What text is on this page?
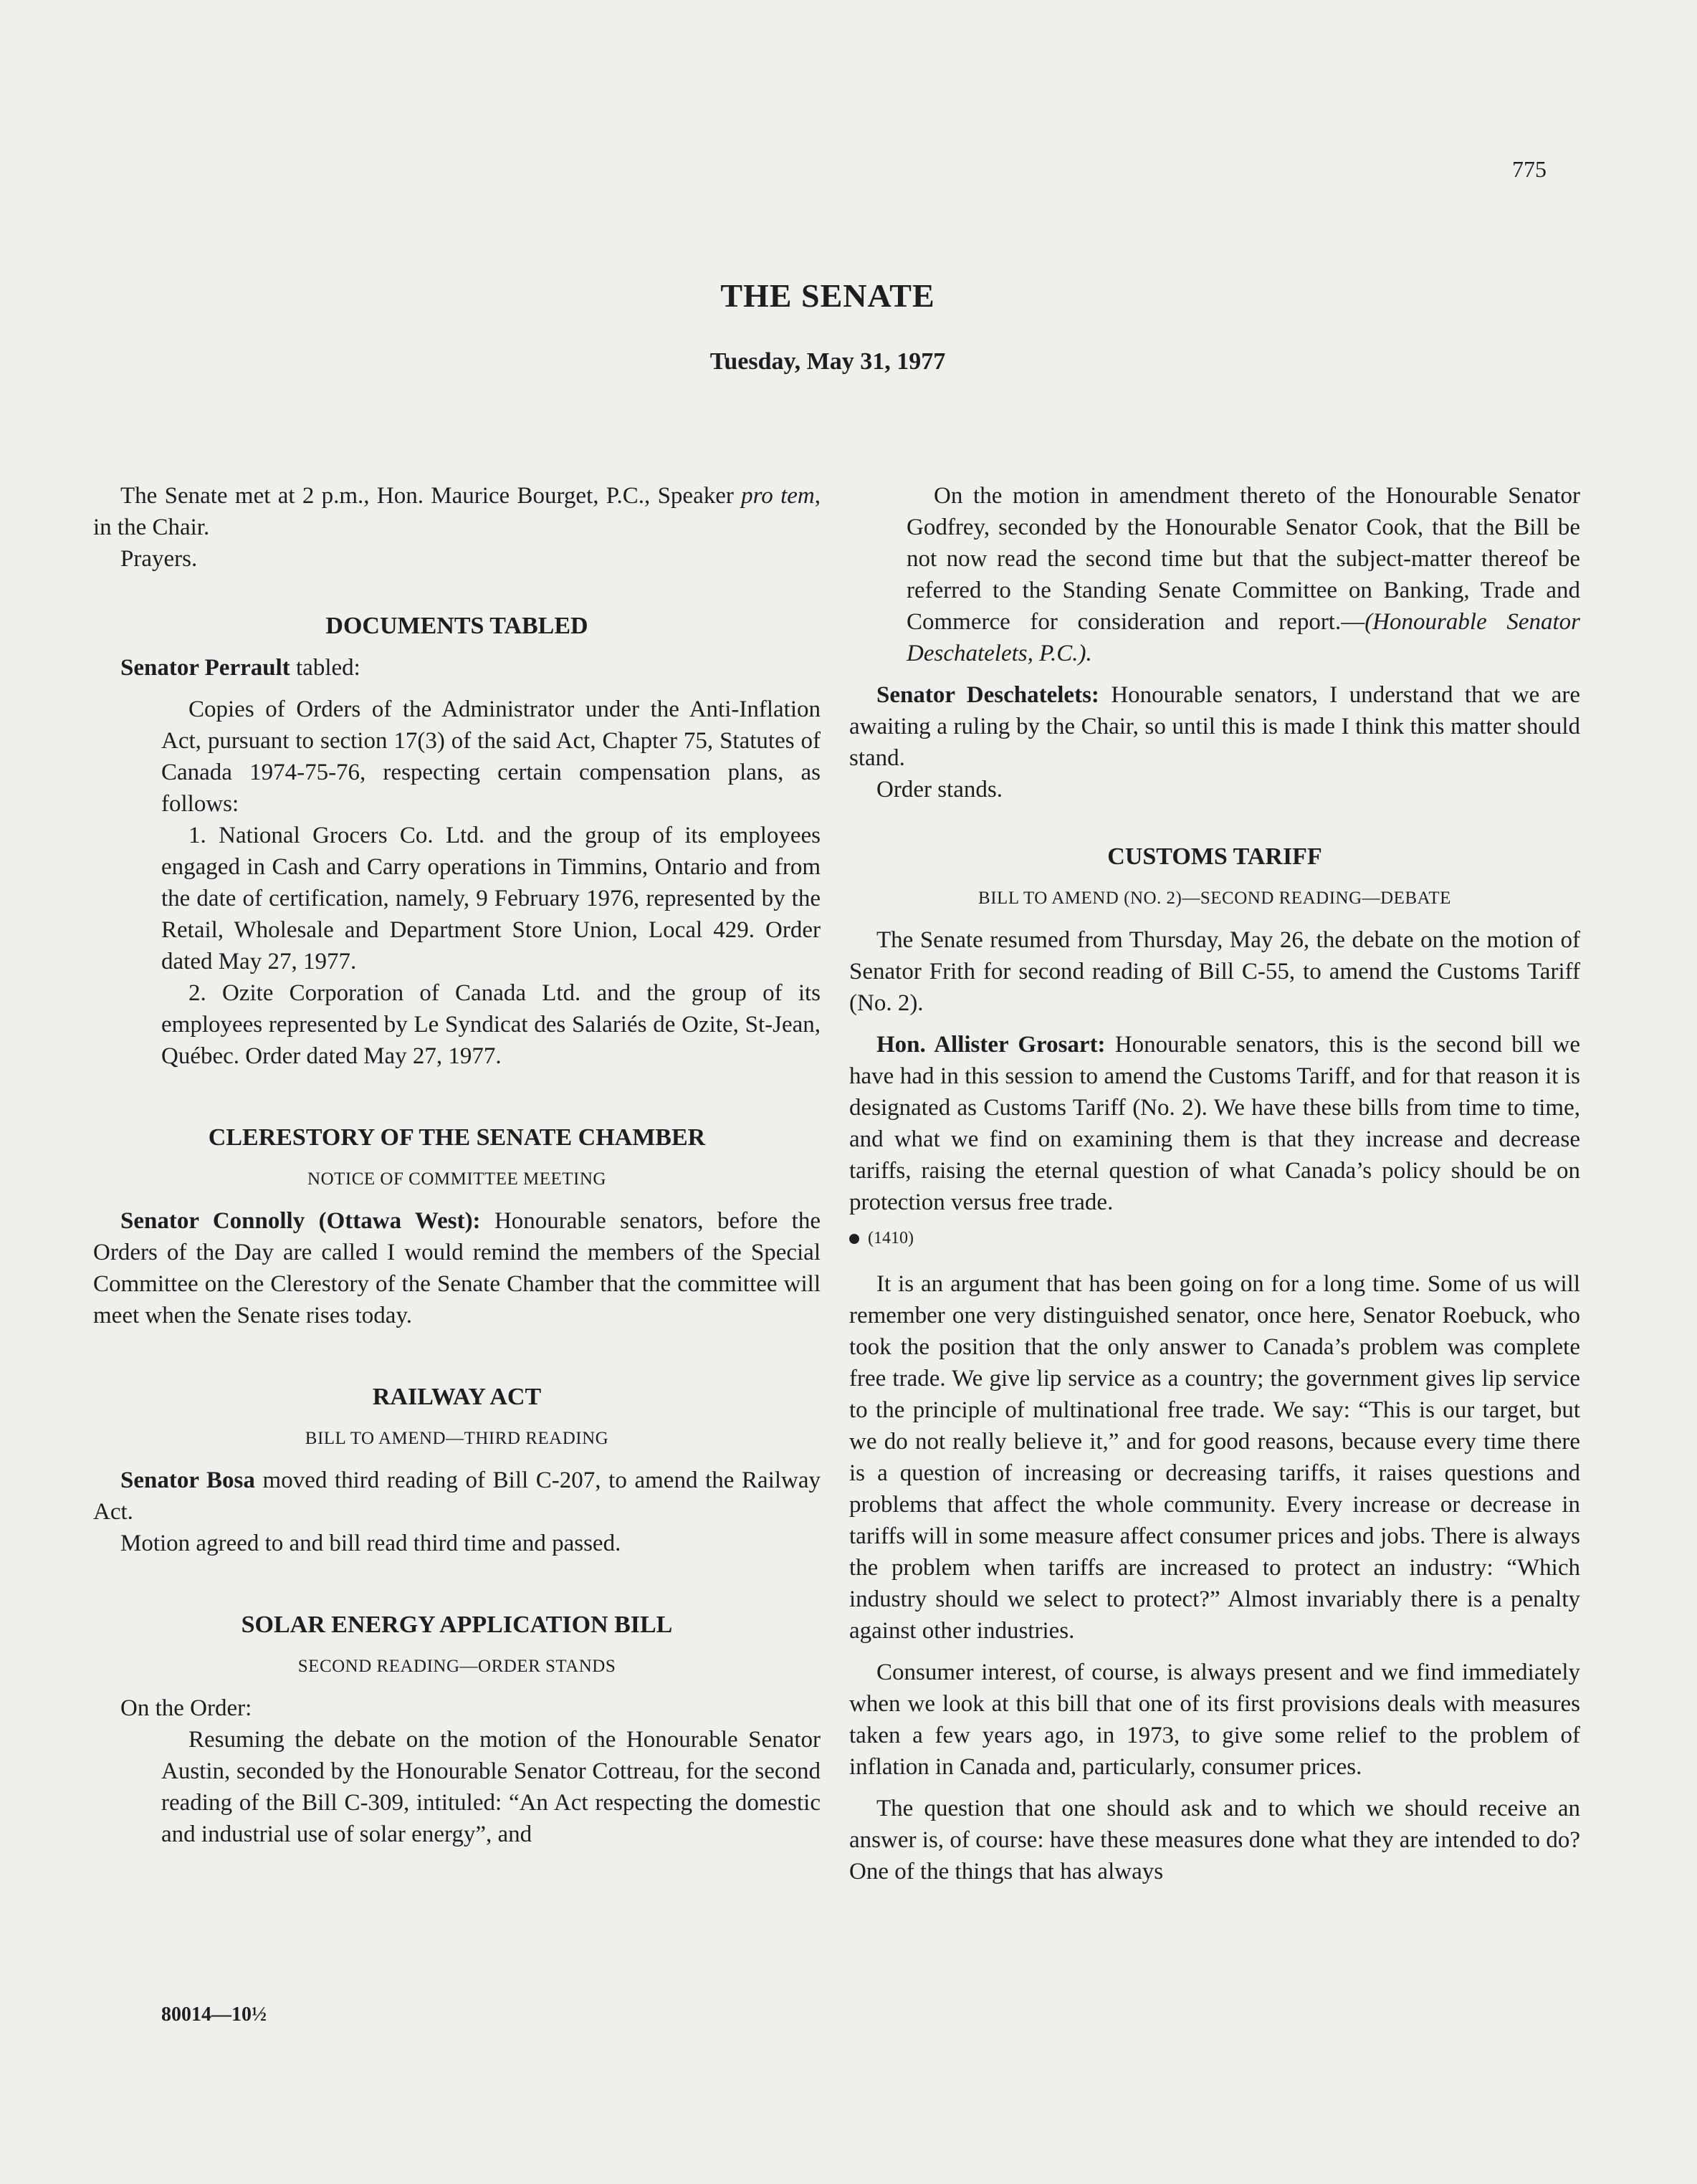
775
THE SENATE
Tuesday, May 31, 1977

The Senate met at 2 p.m., Hon. Maurice Bourget, P.C., Speaker pro tem, in the Chair.

Prayers.

DOCUMENTS TABLED

Senator Perrault tabled:

Copies of Orders of the Administrator under the Anti-Inflation Act, pursuant to section 17(3) of the said Act, Chapter 75, Statutes of Canada 1974-75-76, respecting certain compensation plans, as follows:

1. National Grocers Co. Ltd. and the group of its employees engaged in Cash and Carry operations in Timmins, Ontario and from the date of certification, namely, 9 February 1976, represented by the Retail, Wholesale and Department Store Union, Local 429. Order dated May 27, 1977.

2. Ozite Corporation of Canada Ltd. and the group of its employees represented by Le Syndicat des Salariés de Ozite, St-Jean, Québec. Order dated May 27, 1977.

CLERESTORY OF THE SENATE CHAMBER

NOTICE OF COMMITTEE MEETING

Senator Connolly (Ottawa West): Honourable senators, before the Orders of the Day are called I would remind the members of the Special Committee on the Clerestory of the Senate Chamber that the committee will meet when the Senate rises today.

RAILWAY ACT

BILL TO AMEND—THIRD READING

Senator Bosa moved third reading of Bill C-207, to amend the Railway Act.

Motion agreed to and bill read third time and passed.

SOLAR ENERGY APPLICATION BILL

SECOND READING—ORDER STANDS

On the Order:

Resuming the debate on the motion of the Honourable Senator Austin, seconded by the Honourable Senator Cottreau, for the second reading of the Bill C-309, intituled: “An Act respecting the domestic and industrial use of solar energy”, and

On the motion in amendment thereto of the Honourable Senator Godfrey, seconded by the Honourable Senator Cook, that the Bill be not now read the second time but that the subject-matter thereof be referred to the Standing Senate Committee on Banking, Trade and Commerce for consideration and report.—(Honourable Senator Deschatelets, P.C.).

Senator Deschatelets: Honourable senators, I understand that we are awaiting a ruling by the Chair, so until this is made I think this matter should stand.

Order stands.

CUSTOMS TARIFF

BILL TO AMEND (NO. 2)—SECOND READING—DEBATE

The Senate resumed from Thursday, May 26, the debate on the motion of Senator Frith for second reading of Bill C-55, to amend the Customs Tariff (No. 2).

Hon. Allister Grosart: Honourable senators, this is the second bill we have had in this session to amend the Customs Tariff, and for that reason it is designated as Customs Tariff (No. 2). We have these bills from time to time, and what we find on examining them is that they increase and decrease tariffs, raising the eternal question of what Canada’s policy should be on protection versus free trade.

(1410)

It is an argument that has been going on for a long time. Some of us will remember one very distinguished senator, once here, Senator Roebuck, who took the position that the only answer to Canada’s problem was complete free trade. We give lip service as a country; the government gives lip service to the principle of multinational free trade. We say: “This is our target, but we do not really believe it,” and for good reasons, because every time there is a question of increasing or decreasing tariffs, it raises questions and problems that affect the whole community. Every increase or decrease in tariffs will in some measure affect consumer prices and jobs. There is always the problem when tariffs are increased to protect an industry: “Which industry should we select to protect?” Almost invariably there is a penalty against other industries.

Consumer interest, of course, is always present and we find immediately when we look at this bill that one of its first provisions deals with measures taken a few years ago, in 1973, to give some relief to the problem of inflation in Canada and, particularly, consumer prices.

The question that one should ask and to which we should receive an answer is, of course: have these measures done what they are intended to do? One of the things that has always

80014—10½
